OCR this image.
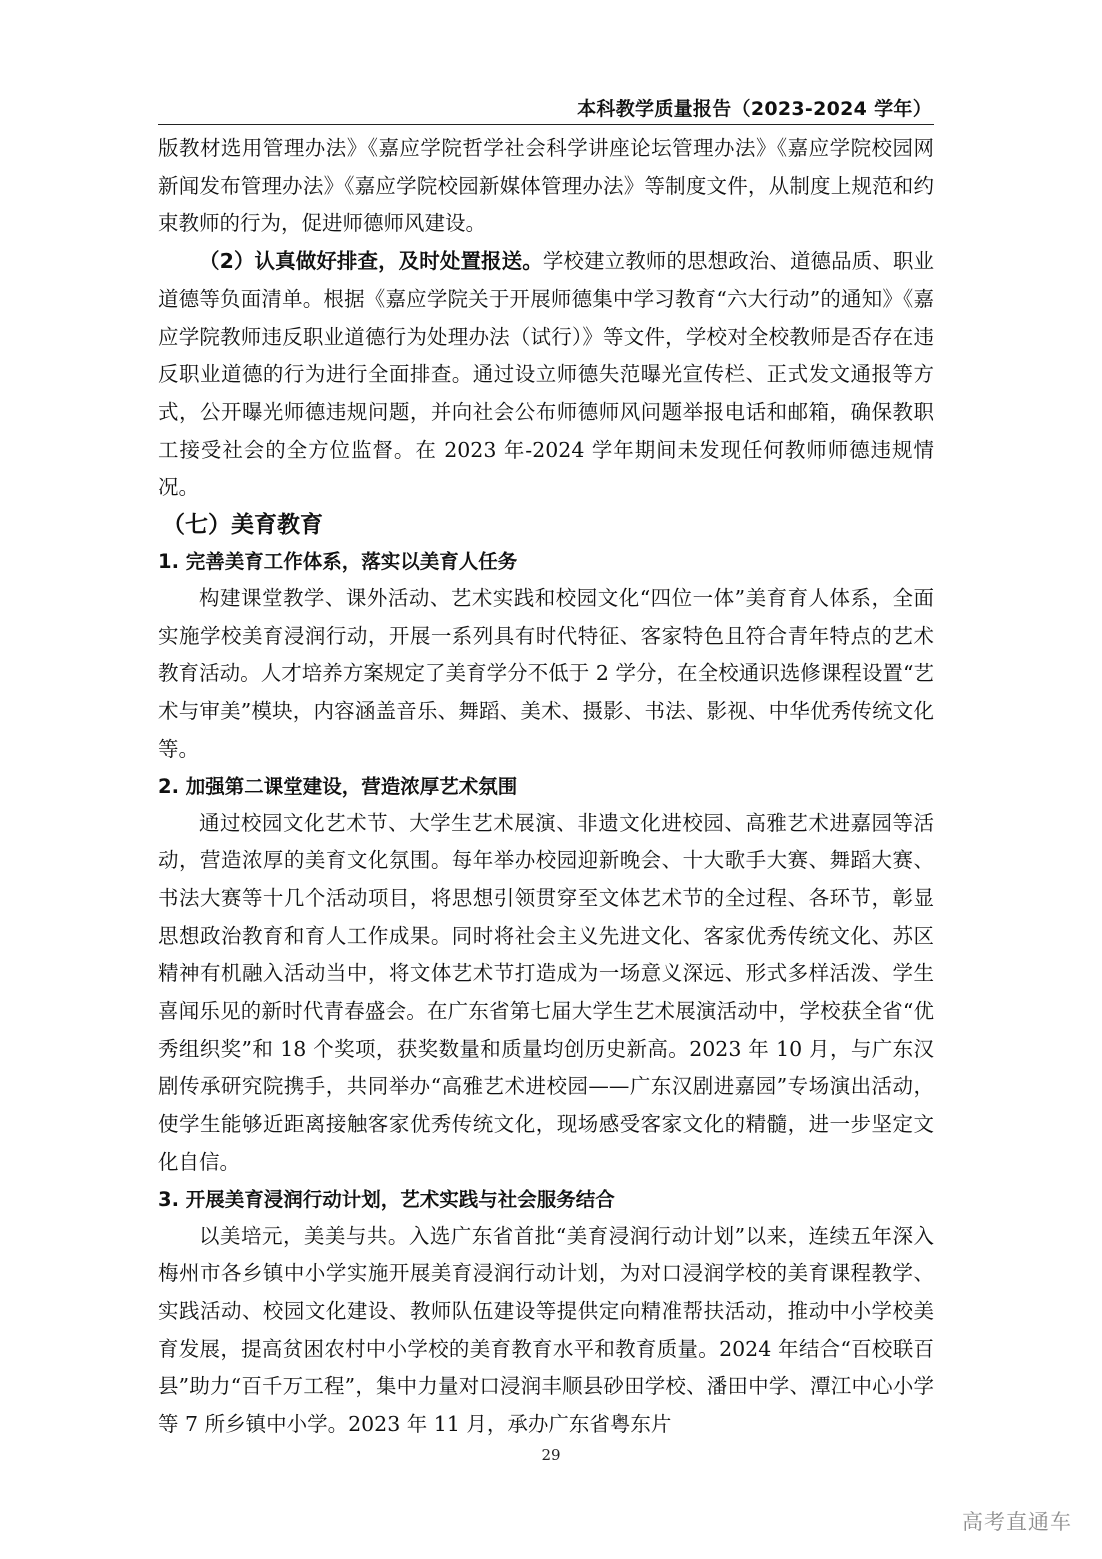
本科教学质量报告（2023-2024 学年）

版教材选用管理办法》《嘉应学院哲学社会科学讲座论坛管理办法》《嘉应学院校园网新闻发布管理办法》《嘉应学院校园新媒体管理办法》等制度文件，从制度上规范和约束教师的行为，促进师德师风建设。

（2）认真做好排查，及时处置报送。学校建立教师的思想政治、道德品质、职业道德等负面清单。根据《嘉应学院关于开展师德集中学习教育“六大行动”的通知》《嘉应学院教师违反职业道德行为处理办法（试行）》等文件，学校对全校教师是否存在违反职业道德的行为进行全面排查。通过设立师德失范曝光宣传栏、正式发文通报等方式，公开曝光师德违规问题，并向社会公布师德师风问题举报电话和邮箱，确保教职工接受社会的全方位监督。在 2023 年-2024 学年期间未发现任何教师师德违规情况。

（七）美育教育
1. 完善美育工作体系，落实以美育人任务

构建课堂教学、课外活动、艺术实践和校园文化“四位一体”美育育人体系，全面实施学校美育浸润行动，开展一系列具有时代特征、客家特色且符合青年特点的艺术教育活动。人才培养方案规定了美育学分不低于 2 学分，在全校通识选修课程设置“艺术与审美”模块，内容涵盖音乐、舞蹈、美术、摄影、书法、影视、中华优秀传统文化等。

2. 加强第二课堂建设，营造浓厚艺术氛围

通过校园文化艺术节、大学生艺术展演、非遗文化进校园、高雅艺术进嘉园等活动，营造浓厚的美育文化氛围。每年举办校园迎新晚会、十大歌手大赛、舞蹈大赛、书法大赛等十几个活动项目，将思想引领贯穿至文体艺术节的全过程、各环节，彰显思想政治教育和育人工作成果。同时将社会主义先进文化、客家优秀传统文化、苏区精神有机融入活动当中，将文体艺术节打造成为一场意义深远、形式多样活泼、学生喜闻乐见的新时代青春盛会。在广东省第七届大学生艺术展演活动中，学校获全省“优秀组织奖”和 18 个奖项，获奖数量和质量均创历史新高。2023 年 10 月，与广东汉剧传承研究院携手，共同举办“高雅艺术进校园——广东汉剧进嘉园”专场演出活动，使学生能够近距离接触客家优秀传统文化，现场感受客家文化的精髓，进一步坚定文化自信。

3. 开展美育浸润行动计划，艺术实践与社会服务结合

以美培元，美美与共。入选广东省首批“美育浸润行动计划”以来，连续五年深入梅州市各乡镇中小学实施开展美育浸润行动计划，为对口浸润学校的美育课程教学、实践活动、校园文化建设、教师队伍建设等提供定向精准帮扶活动，推动中小学校美育发展，提高贫困农村中小学校的美育教育水平和教育质量。2024 年结合“百校联百县”助力“百千万工程”，集中力量对口浸润丰顺县砂田学校、潘田中学、潭江中心小学等 7 所乡镇中小学。2023 年 11 月，承办广东省粤东片

29
高考直通车
